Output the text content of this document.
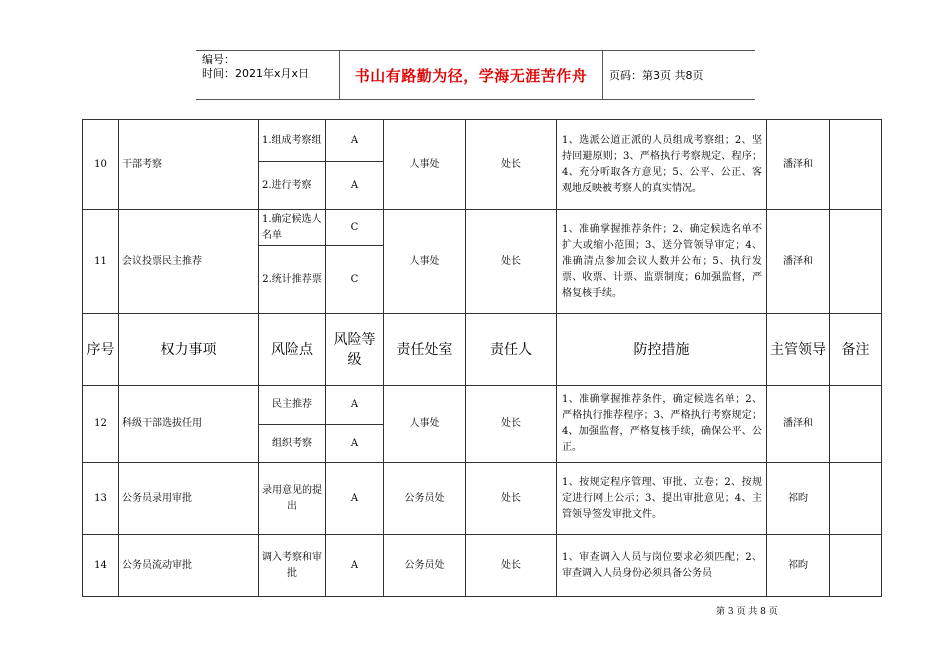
编号：
时间：2021年x月x日	书山有路勤为径，学海无涯苦作舟 页码：第3页 共8页
10	干部考察	1.组成考察组	A	人事处	处长	1、选派公道正派的人员组成考察组；2、坚持回避原则；3、严格执行考察规定、程序；4、充分听取各方意见；5、公平、公正、客观地反映被考察人的真实情况。	潘泽和	
		2.进行考察	A					
11	会议投票民主推荐	1.确定候选人名单	C	人事处	处长	1、准确掌握推荐条件；2、确定候选名单不扩大或缩小范围；3、送分管领导审定；4、准确清点参加会议人数并公布；5、执行发票、收票、计票、监票制度；6加强监督，严格复核手续。	潘泽和	
		2.统计推荐票	C					
序号	权力事项	风险点	风险等级	责任处室	责任人	防控措施	主管领导	备注
12	科级干部选拔任用	民主推荐	A	人事处	处长	1、准确掌握推荐条件，确定候选名单；2、严格执行推荐程序；3、严格执行考察规定；4、加强监督，严格复核手续，确保公平、公正。	潘泽和	
		组织考察	A					
13	公务员录用审批	录用意见的提出	A	公务员处	处长	1、按规定程序管理、审批、立卷；2、按规定进行网上公示；3、提出审批意见；4、主管领导签发审批文件。	祁昀	
14	公务员流动审批	调入考察和审批	A	公务员处	处长	1、审查调入人员与岗位要求必须匹配；2、审查调入人员身份必须具备公务员	祁昀	
第 3 页 共 8 页
